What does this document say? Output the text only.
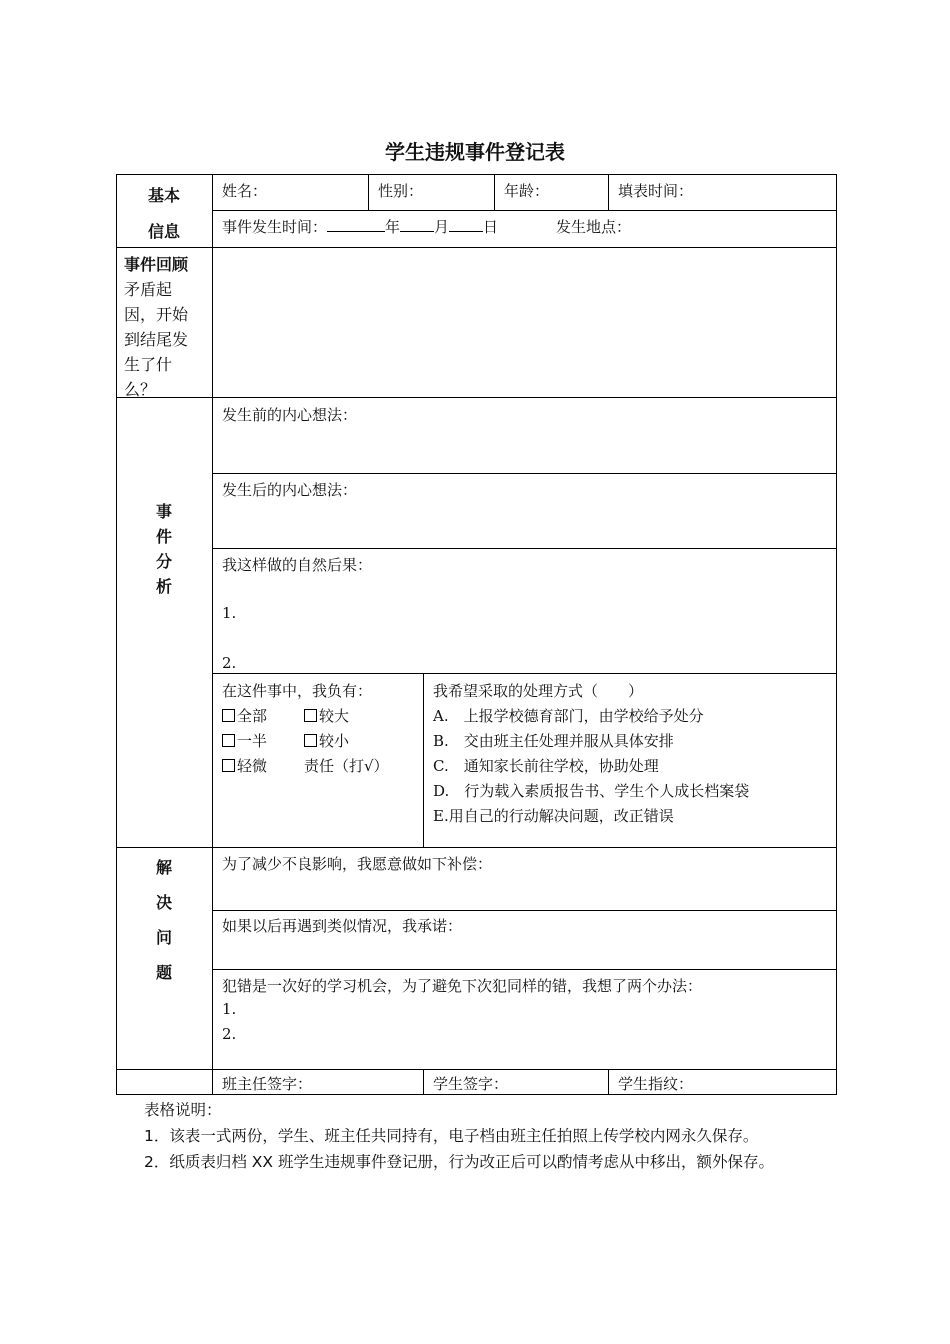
学生违规事件登记表
基本
信息
姓名：	性别：	年龄：	填表时间：
事件发生时间：	年 月 日	发生地点：
事件回顾
矛盾起
因，开始
到结尾发
生了什
么？
事
件
分
析
发生前的内心想法：
发生后的内心想法：
我这样做的自然后果：
1.
2.
在这件事中，我负有：
全部	较大
一半	较小
轻微 责任（打√）
我希望采取的处理方式（　　）
A.　上报学校德育部门，由学校给予处分
B.　交由班主任处理并服从具体安排
C.　通知家长前往学校，协助处理
D.　行为载入素质报告书、学生个人成长档案袋
E.用自己的行动解决问题，改正错误
解
决
问
题
为了减少不良影响，我愿意做如下补偿：
如果以后再遇到类似情况，我承诺：
犯错是一次好的学习机会，为了避免下次犯同样的错，我想了两个办法：
1.
2.
班主任签字：	学生签字：	学生指纹：
表格说明：
1．该表一式两份，学生、班主任共同持有，电子档由班主任拍照上传学校内网永久保存。
2．纸质表归档 XX 班学生违规事件登记册，行为改正后可以酌情考虑从中移出，额外保存。
